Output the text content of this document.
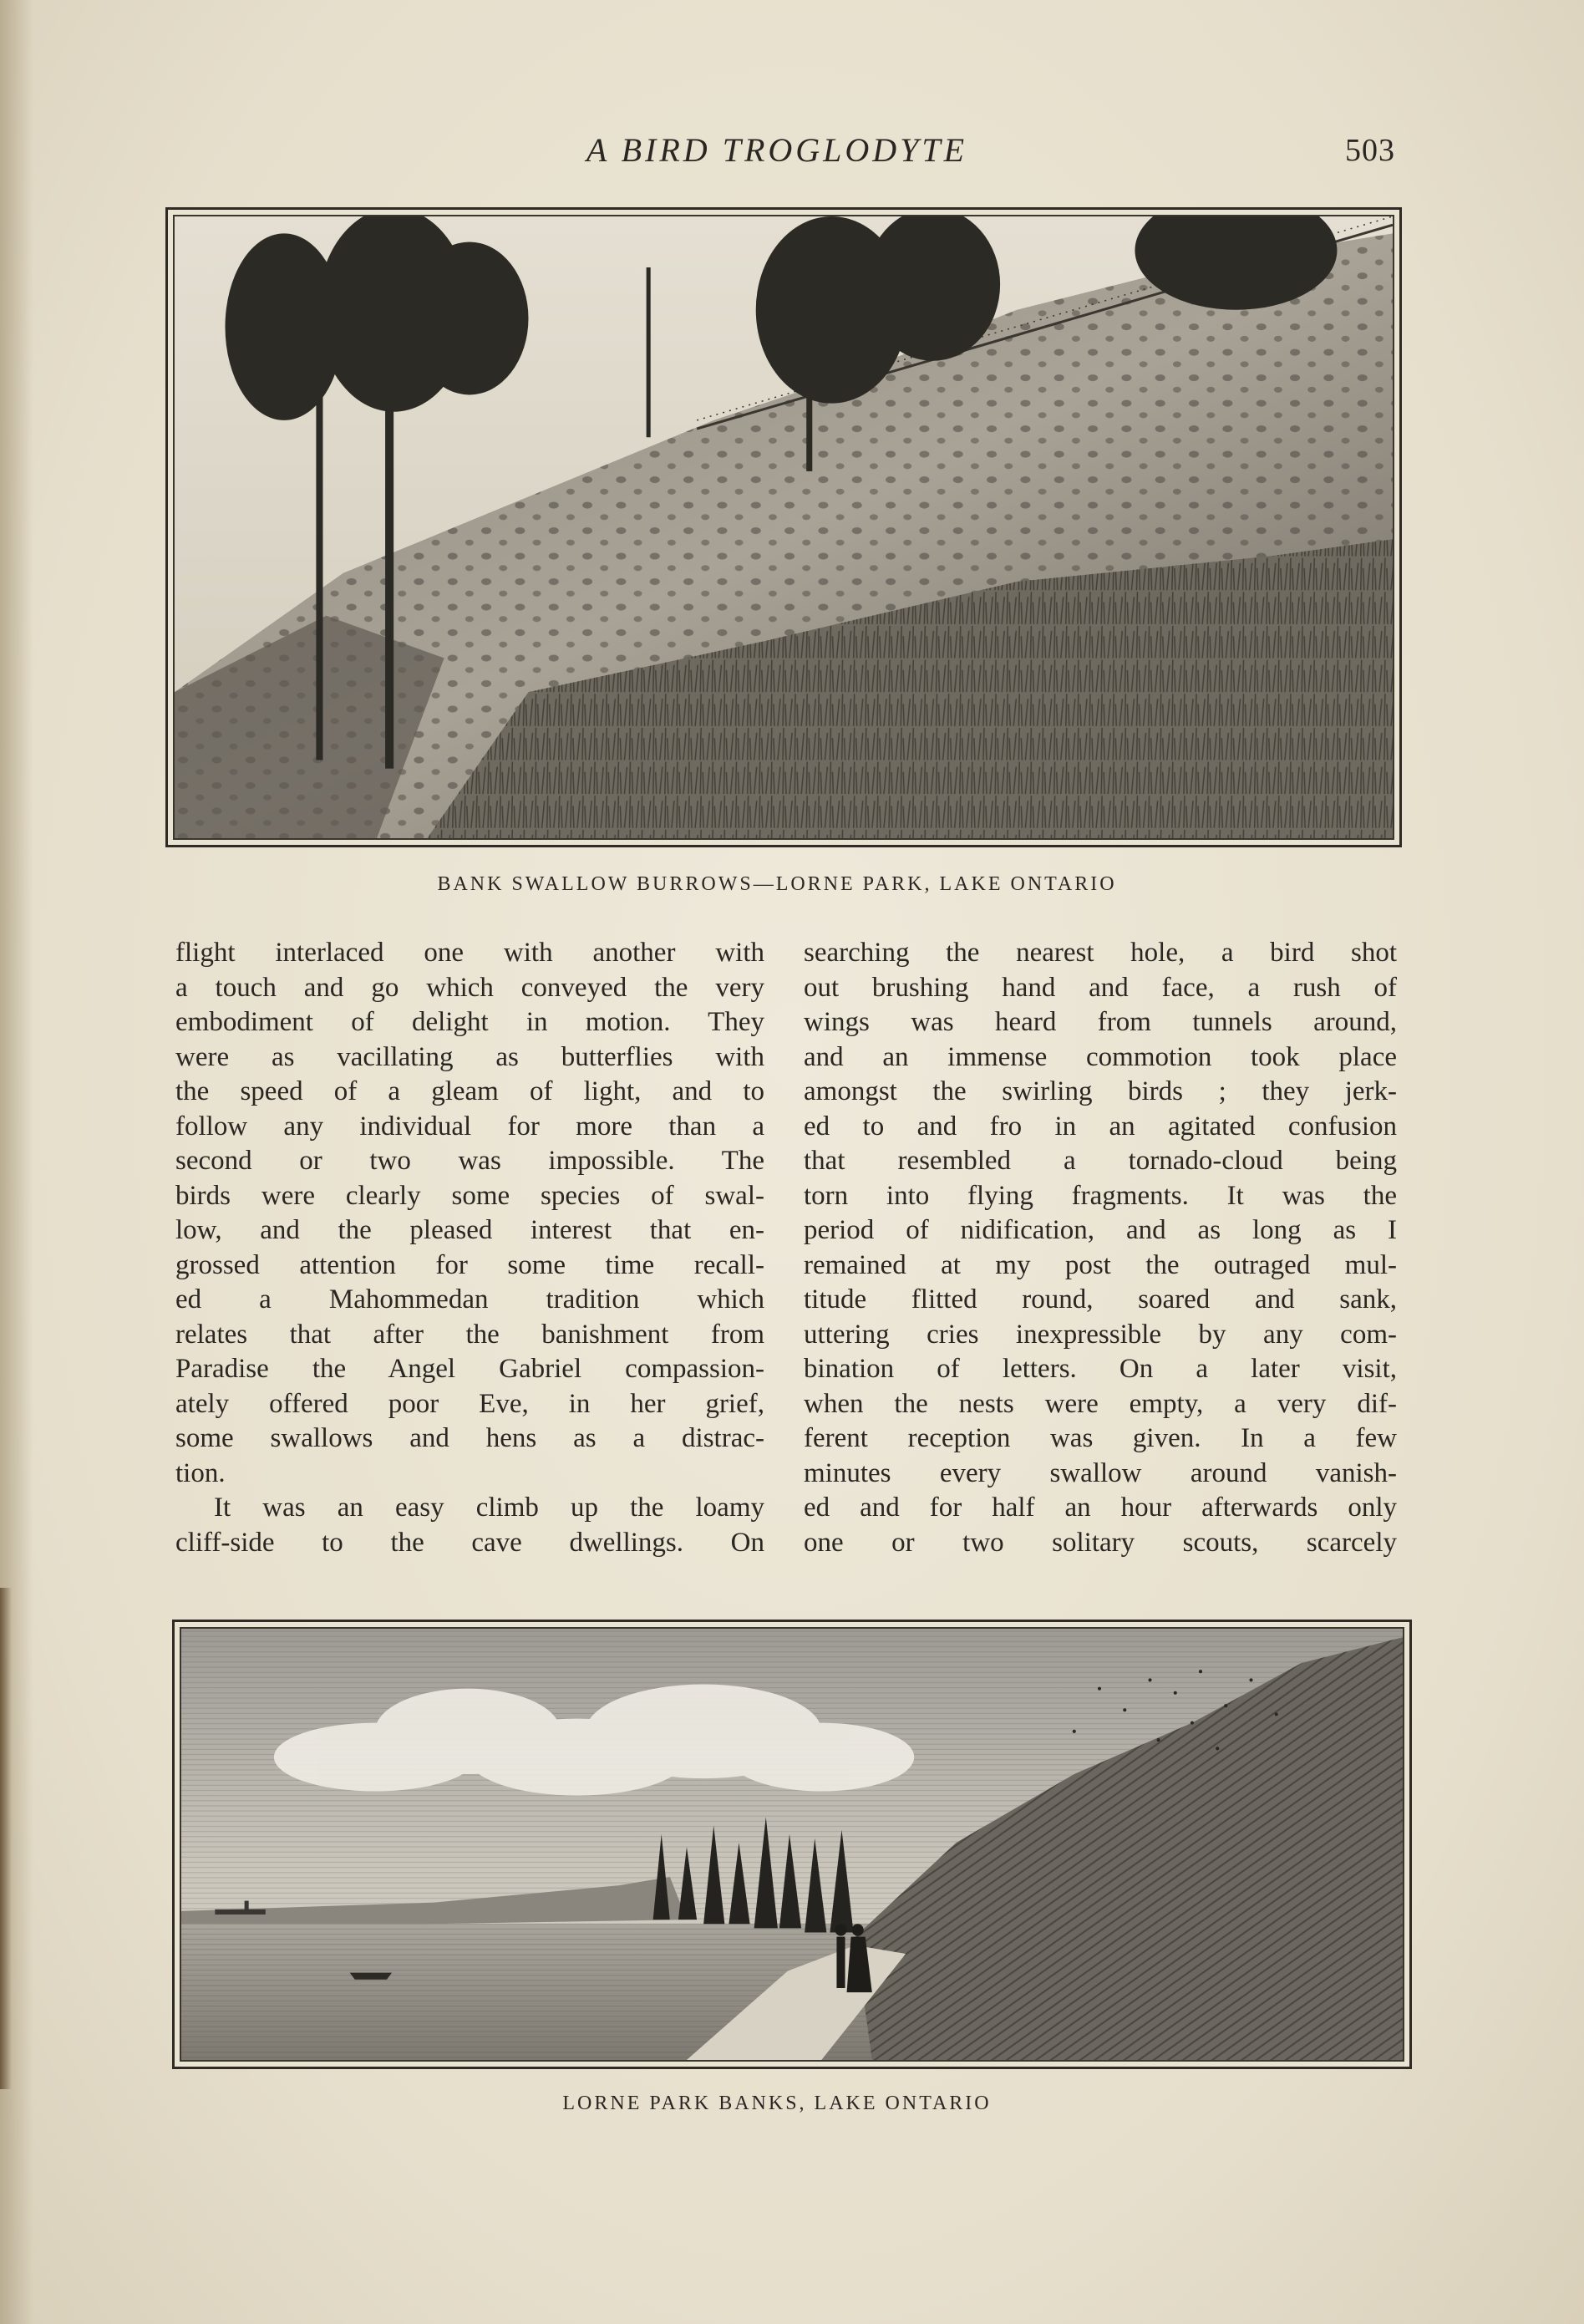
A BIRD TROGLODYTE	503
BANK SWALLOW BURROWS—LORNE PARK, LAKE ONTARIO
flight interlaced one with another with
a touch and go which conveyed the very
embodiment of delight in motion. They
were as vacillating as butterflies with
the speed of a gleam of light, and to
follow any individual for more than a
second or two was impossible. The
birds were clearly some species of swal-
low, and the pleased interest that en-
grossed attention for some time recall-
ed a Mahommedan tradition which
relates that after the banishment from
Paradise the Angel Gabriel compassion-
ately offered poor Eve, in her grief,
some swallows and hens as a distrac-
tion.
It was an easy climb up the loamy
cliff-side to the cave dwellings. On
searching the nearest hole, a bird shot
out brushing hand and face, a rush of
wings was heard from tunnels around,
and an immense commotion took place
amongst the swirling birds ; they jerk-
ed to and fro in an agitated confusion
that resembled a tornado-cloud being
torn into flying fragments. It was the
period of nidification, and as long as I
remained at my post the outraged mul-
titude flitted round, soared and sank,
uttering cries inexpressible by any com-
bination of letters. On a later visit,
when the nests were empty, a very dif-
ferent reception was given. In a few
minutes every swallow around vanish-
ed and for half an hour afterwards only
one or two solitary scouts, scarcely
LORNE PARK BANKS, LAKE ONTARIO
